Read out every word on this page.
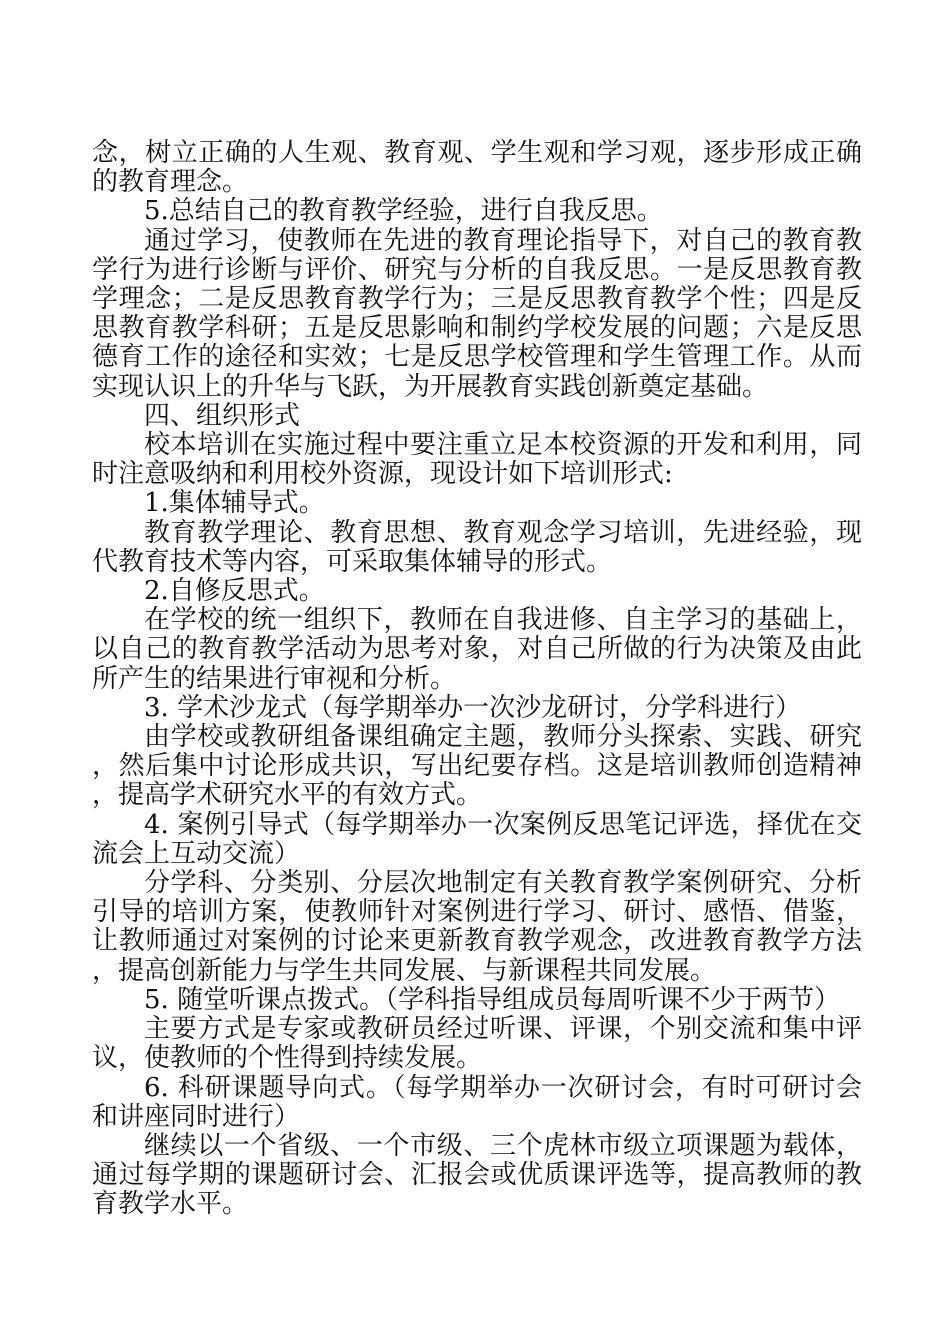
念，树立正确的人生观、教育观、学生观和学习观，逐步形成正确的教育理念。

5.总结自己的教育教学经验，进行自我反思。

通过学习，使教师在先进的教育理论指导下，对自己的教育教学行为进行诊断与评价、研究与分析的自我反思。一是反思教育教学理念；二是反思教育教学行为；三是反思教育教学个性；四是反思教育教学科研；五是反思影响和制约学校发展的问题；六是反思德育工作的途径和实效；七是反思学校管理和学生管理工作。从而实现认识上的升华与飞跃，为开展教育实践创新奠定基础。

四、组织形式

校本培训在实施过程中要注重立足本校资源的开发和利用，同时注意吸纳和利用校外资源，现设计如下培训形式:

1.集体辅导式。

教育教学理论、教育思想、教育观念学习培训，先进经验，现代教育技术等内容，可采取集体辅导的形式。

2.自修反思式。

在学校的统一组织下，教师在自我进修、自主学习的基础上，以自己的教育教学活动为思考对象，对自己所做的行为决策及由此所产生的结果进行审视和分析。

3. 学术沙龙式（每学期举办一次沙龙研讨，分学科进行）

由学校或教研组备课组确定主题，教师分头探索、实践、研究，然后集中讨论形成共识，写出纪要存档。这是培训教师创造精神，提高学术研究水平的有效方式。

4. 案例引导式（每学期举办一次案例反思笔记评选，择优在交流会上互动交流）

分学科、分类别、分层次地制定有关教育教学案例研究、分析引导的培训方案，使教师针对案例进行学习、研讨、感悟、借鉴，让教师通过对案例的讨论来更新教育教学观念，改进教育教学方法，提高创新能力与学生共同发展、与新课程共同发展。

5. 随堂听课点拨式。（学科指导组成员每周听课不少于两节）

主要方式是专家或教研员经过听课、评课，个别交流和集中评议，使教师的个性得到持续发展。

6. 科研课题导向式。（每学期举办一次研讨会，有时可研讨会和讲座同时进行）

继续以一个省级、一个市级、三个虎林市级立项课题为载体，通过每学期的课题研讨会、汇报会或优质课评选等，提高教师的教育教学水平。
